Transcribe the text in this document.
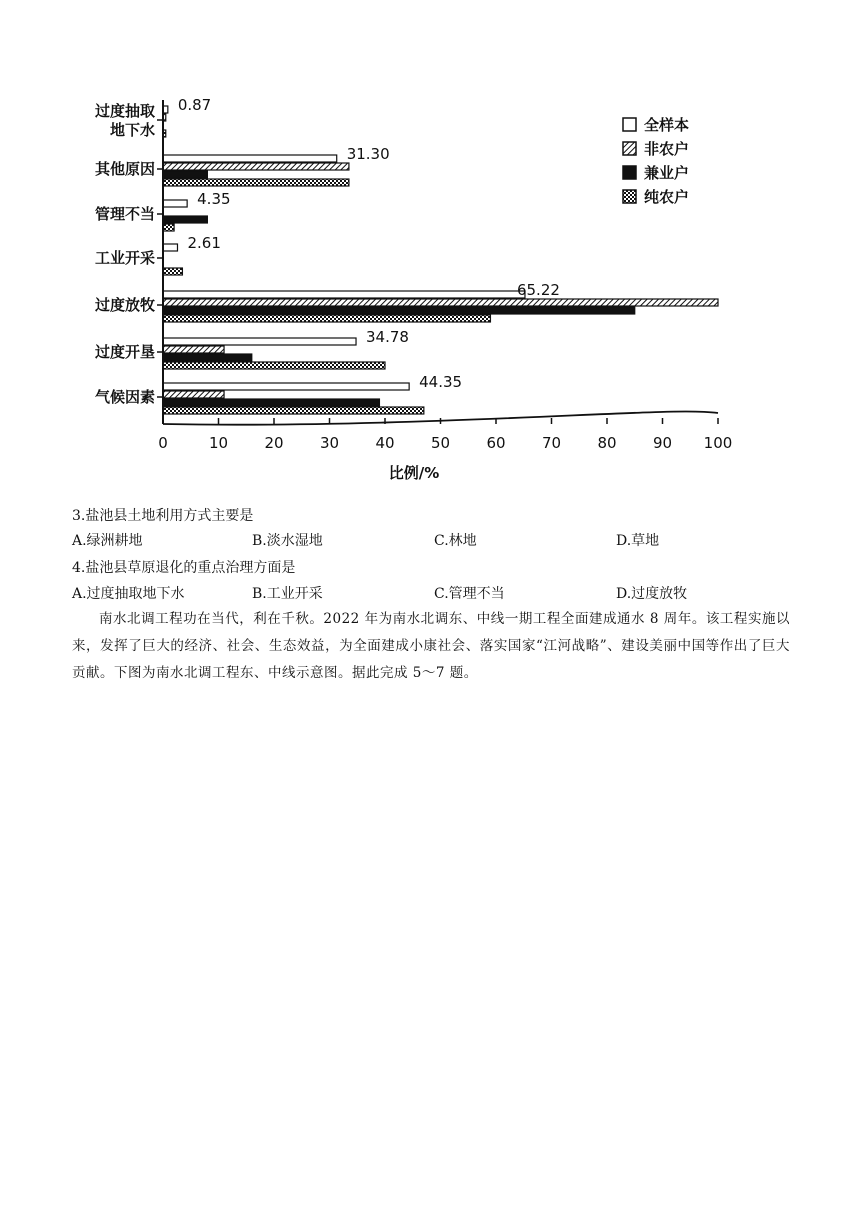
0.87
31.30
4.35
2.61
65.22
34.78
44.35
过度抽取
地下水
其他原因
管理不当
工业开采
过度放牧
过度开垦
气候因素
0	10 20 30 40 50 60 70 80 90 100
比例/%
全样本
非农户
兼业户
纯农户
3.盐池县土地利用方式主要是
A.绿洲耕地	B.淡水湿地	C.林地	D.草地
4.盐池县草原退化的重点治理方面是
A.过度抽取地下水	B.工业开采	C.管理不当	D.过度放牧

南水北调工程功在当代，利在千秋。2022 年为南水北调东、中线一期工程全面建成通水 8 周年。该工程实施以来，发挥了巨大的经济、社会、生态效益，为全面建成小康社会、落实国家“江河战略”、建设美丽中国等作出了巨大贡献。下图为南水北调工程东、中线示意图。据此完成 5～7 题。
